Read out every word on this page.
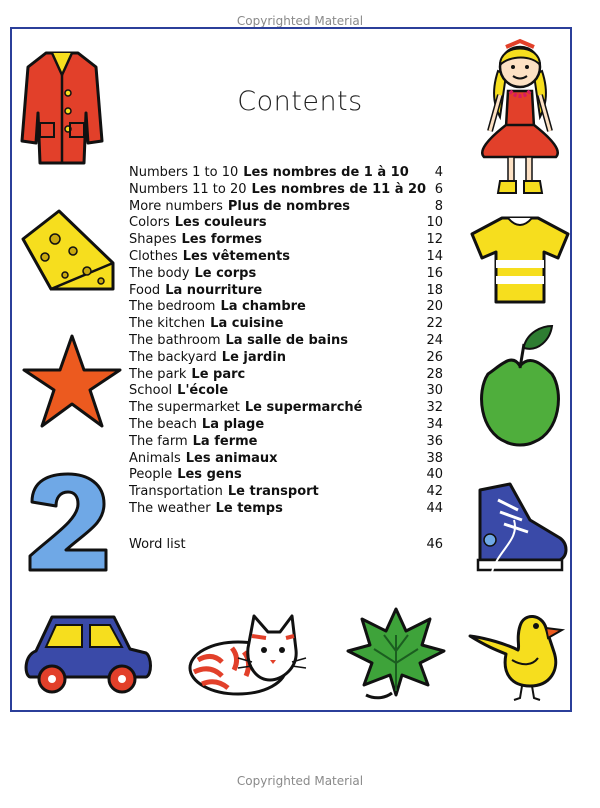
Copyrighted Material
Contents
Numbers 1 to 10 Les nombres de 1 à 10 4
Numbers 11 to 20 Les nombres de 11 à 20 6
More numbers Plus de nombres	8
Colors Les couleurs	10
Shapes Les formes	12
Clothes Les vêtements	14
The body Le corps	16
Food La nourriture	18
The bedroom La chambre	20
The kitchen La cuisine	22
The bathroom La salle de bains	24
The backyard Le jardin	26
The park Le parc	28
School L'école	30
The supermarket Le supermarché	32
The beach La plage	34
The farm La ferme	36
Animals Les animaux	38
People Les gens	40
Transportation Le transport	42
The weather Le temps	44
Word list	46
Copyrighted Material
